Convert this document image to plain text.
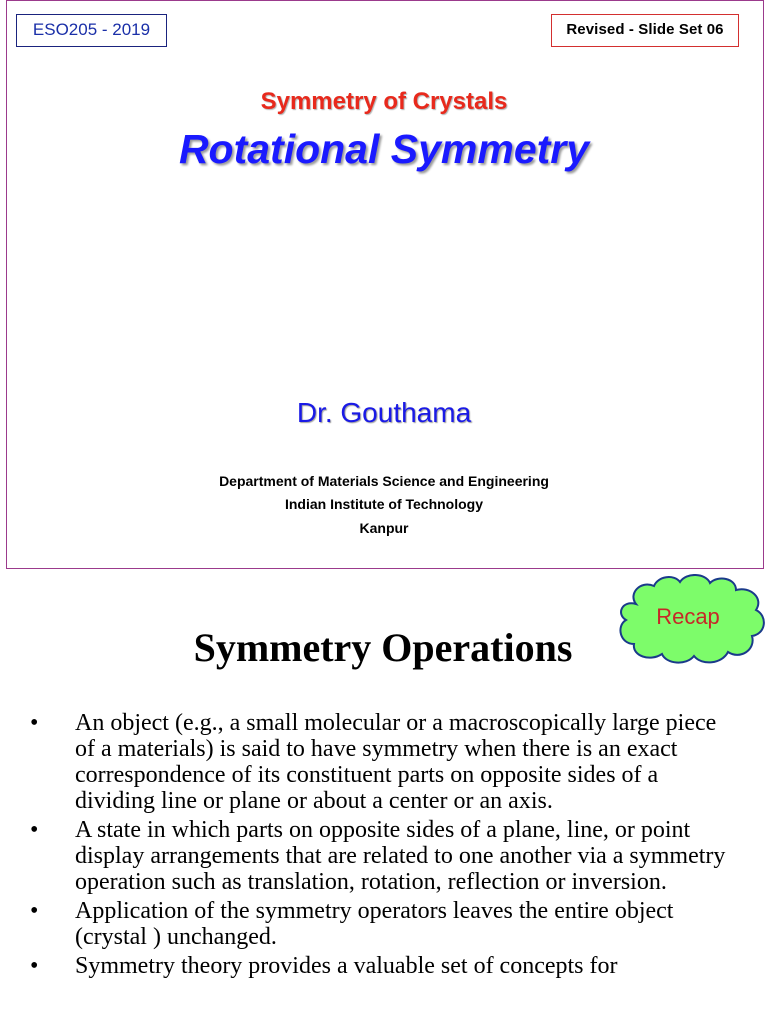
ESO205 - 2019	Revised - Slide Set 06
Symmetry of Crystals
Rotational Symmetry
Dr. Gouthama
Department of Materials Science and Engineering
Indian Institute of Technology
Kanpur
Recap
Symmetry Operations
• An object (e.g., a small molecular or a macroscopically large piece of a materials) is said to have symmetry when there is an exact correspondence of its constituent parts on opposite sides of a dividing line or plane or about a center or an axis.
• A state in which parts on opposite sides of a plane, line, or point display arrangements that are related to one another via a symmetry operation such as translation, rotation, reflection or inversion.
• Application of the symmetry operators leaves the entire object (crystal ) unchanged.
• Symmetry theory provides a valuable set of concepts for
